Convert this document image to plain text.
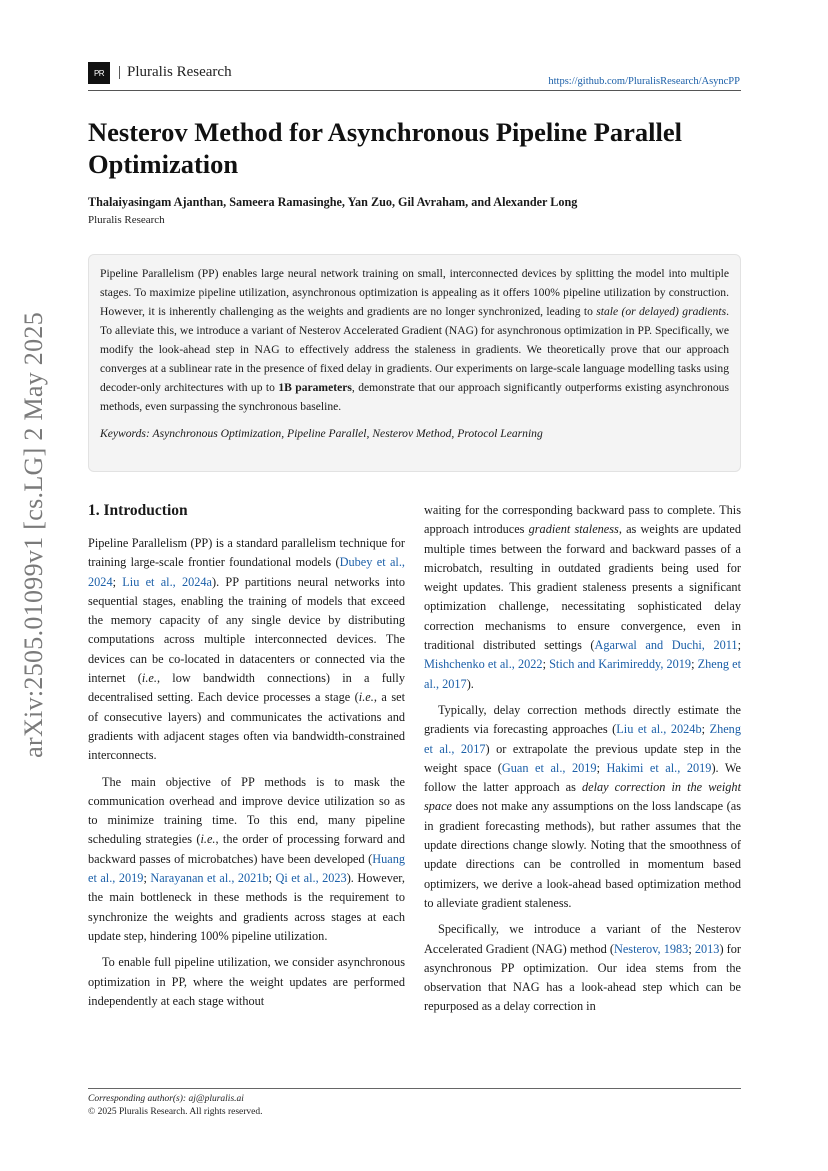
PR | Pluralis Research
https://github.com/PluralisResearch/AsyncPP
Nesterov Method for Asynchronous Pipeline Parallel Optimization
Thalaiyasingam Ajanthan, Sameera Ramasinghe, Yan Zuo, Gil Avraham, and Alexander Long
Pluralis Research

Pipeline Parallelism (PP) enables large neural network training on small, interconnected devices by splitting the model into multiple stages. To maximize pipeline utilization, asynchronous optimization is appealing as it offers 100% pipeline utilization by construction. However, it is inherently challenging as the weights and gradients are no longer synchronized, leading to stale (or delayed) gradients. To alleviate this, we introduce a variant of Nesterov Accelerated Gradient (NAG) for asynchronous optimization in PP. Specifically, we modify the look-ahead step in NAG to effectively address the staleness in gradients. We theoretically prove that our approach converges at a sublinear rate in the presence of fixed delay in gradients. Our experiments on large-scale language modelling tasks using decoder-only architectures with up to 1B parameters, demonstrate that our approach significantly outperforms existing asynchronous methods, even surpassing the synchronous baseline.

Keywords: Asynchronous Optimization, Pipeline Parallel, Nesterov Method, Protocol Learning

arXiv:2505.01099v1 [cs.LG] 2 May 2025	1. Introduction

Pipeline Parallelism (PP) is a standard parallelism technique for training large-scale frontier foundational models (Dubey et al., 2024; Liu et al., 2024a). PP partitions neural networks into sequential stages, enabling the training of models that exceed the memory capacity of any single device by distributing computations across multiple interconnected devices. The devices can be co-located in datacenters or connected via the internet (i.e., low bandwidth connections) in a fully decentralised setting. Each device processes a stage (i.e., a set of consecutive layers) and communicates the activations and gradients with adjacent stages often via bandwidth-constrained interconnects.

The main objective of PP methods is to mask the communication overhead and improve device utilization so as to minimize training time. To this end, many pipeline scheduling strategies (i.e., the order of processing forward and backward passes of microbatches) have been developed (Huang et al., 2019; Narayanan et al., 2021b; Qi et al., 2023). However, the main bottleneck in these methods is the requirement to synchronize the weights and gradients across stages at each update step, hindering 100% pipeline utilization.

To enable full pipeline utilization, we consider asynchronous optimization in PP, where the weight updates are performed independently at each stage without

waiting for the corresponding backward pass to complete. This approach introduces gradient staleness, as weights are updated multiple times between the forward and backward passes of a microbatch, resulting in outdated gradients being used for weight updates. This gradient staleness presents a significant optimization challenge, necessitating sophisticated delay correction mechanisms to ensure convergence, even in traditional distributed settings (Agarwal and Duchi, 2011; Mishchenko et al., 2022; Stich and Karimireddy, 2019; Zheng et al., 2017).

Typically, delay correction methods directly estimate the gradients via forecasting approaches (Liu et al., 2024b; Zheng et al., 2017) or extrapolate the previous update step in the weight space (Guan et al., 2019; Hakimi et al., 2019). We follow the latter approach as delay correction in the weight space does not make any assumptions on the loss landscape (as in gradient forecasting methods), but rather assumes that the update directions change slowly. Noting that the smoothness of update directions can be controlled in momentum based optimizers, we derive a look-ahead based optimization method to alleviate gradient staleness.

Specifically, we introduce a variant of the Nesterov Accelerated Gradient (NAG) method (Nesterov, 1983; 2013) for asynchronous PP optimization. Our idea stems from the observation that NAG has a look-ahead step which can be repurposed as a delay correction in

Corresponding author(s): aj@pluralis.ai
© 2025 Pluralis Research. All rights reserved.
